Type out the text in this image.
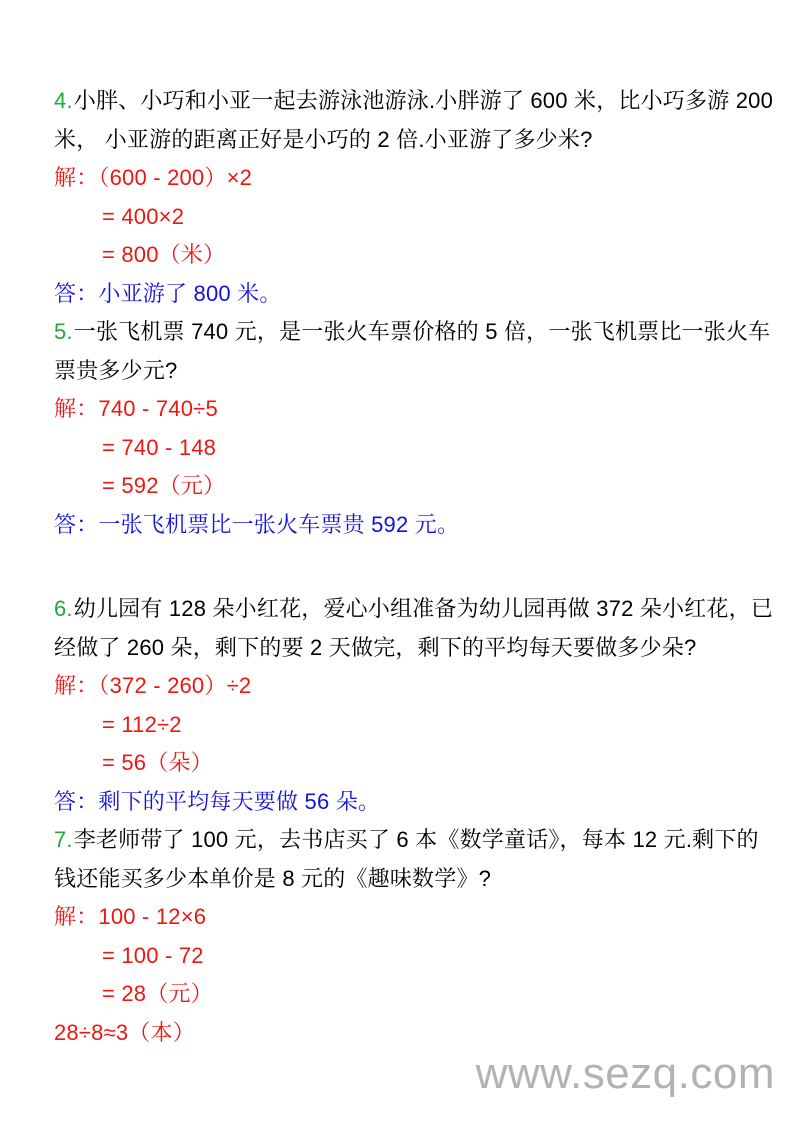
4.小胖、小巧和小亚一起去游泳池游泳.小胖游了 600 米，比小巧多游 200
米， 小亚游的距离正好是小巧的 2 倍.小亚游了多少米?
解：（600 - 200）×2
= 400×2
= 800（米）
答：小亚游了 800 米。
5.一张飞机票 740 元，是一张火车票价格的 5 倍，一张飞机票比一张火车
票贵多少元?
解：740 - 740÷5
= 740 - 148
= 592（元）
答：一张飞机票比一张火车票贵 592 元。
6.幼儿园有 128 朵小红花，爱心小组准备为幼儿园再做 372 朵小红花，已
经做了 260 朵，剩下的要 2 天做完，剩下的平均每天要做多少朵?
解：（372 - 260）÷2
= 112÷2
= 56（朵）
答：剩下的平均每天要做 56 朵。
7.李老师带了 100 元，去书店买了 6 本《数学童话》，每本 12 元.剩下的
钱还能买多少本单价是 8 元的《趣味数学》?
解：100 - 12×6
= 100 - 72
= 28（元）
28÷8≈3（本）
www.sezq.com
